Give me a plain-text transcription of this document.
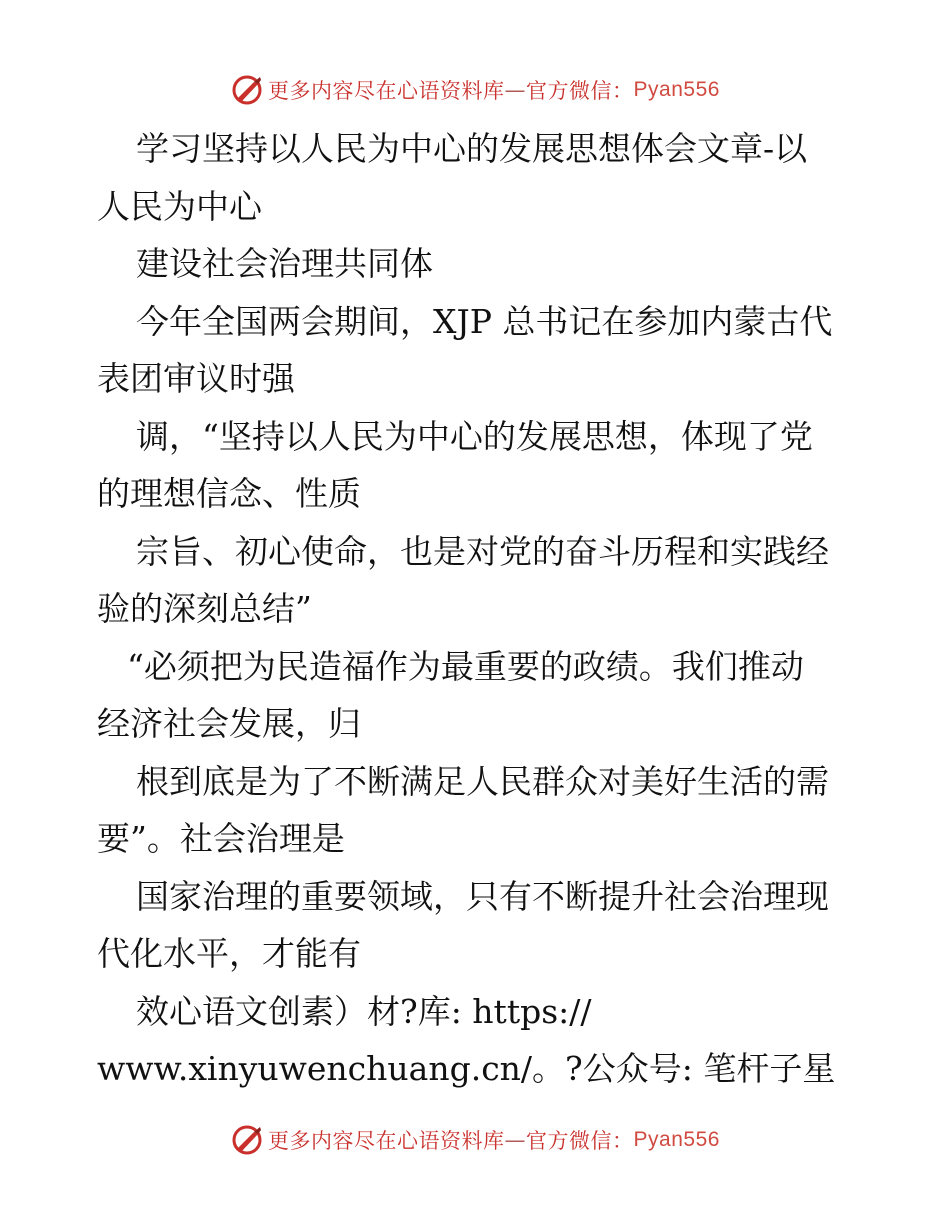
更多内容尽在心语资料库 — 官方微信： Pyan556
学习坚持以人民为中心的发展思想体会文章-以
人民为中心
建设社会治理共同体
今年全国两会期间，XJP 总书记在参加内蒙古代
表团审议时强
调，“坚持以人民为中心的发展思想，体现了党
的理想信念、性质
宗旨、初心使命，也是对党的奋斗历程和实践经
验的深刻总结”
“必须把为民造福作为最重要的政绩。我们推动
经济社会发展，归
根到底是为了不断满足人民群众对美好生活的需
要”。社会治理是
国家治理的重要领域，只有不断提升社会治理现
代化水平，才能有
效心语文创素）材?库: https://
www.xinyuwenchuang.cn/。?公众号: 笔杆子星
更多内容尽在心语资料库 — 官方微信： Pyan556
